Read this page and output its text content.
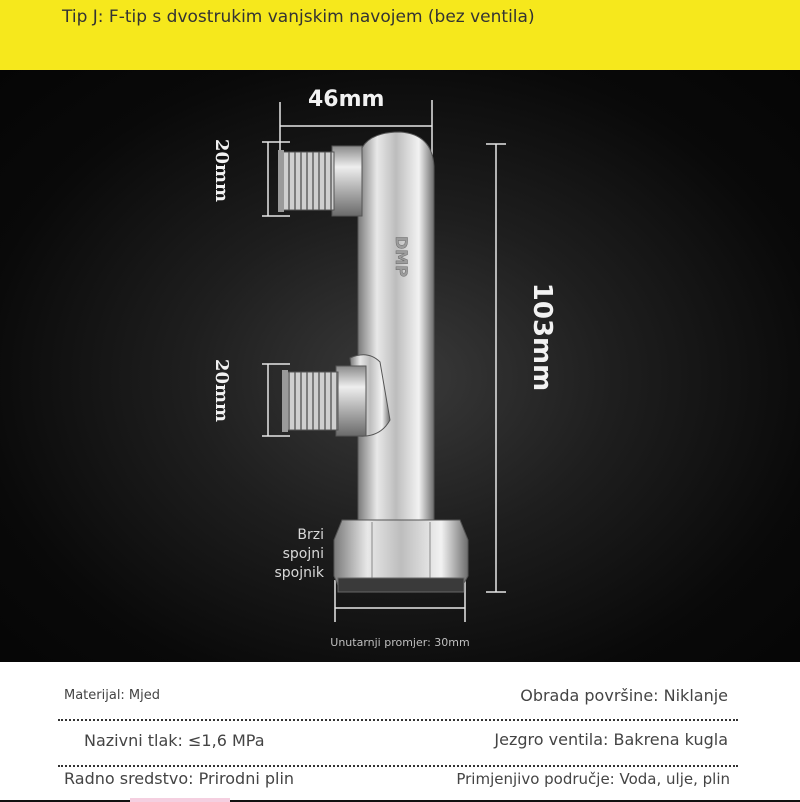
Tip J: F-tip s dvostrukim vanjskim navojem (bez ventila)
DMP
46mm
20mm
20mm	103mm
Brzi spojni spojnik
Unutarnji promjer: 30mm
Materijal: Mjed	Obrada površine: Niklanje
Nazivni tlak: ≤1,6 MPa	Jezgro ventila: Bakrena kugla
Radno sredstvo: Prirodni plin	Primjenjivo područje: Voda, ulje, plin
